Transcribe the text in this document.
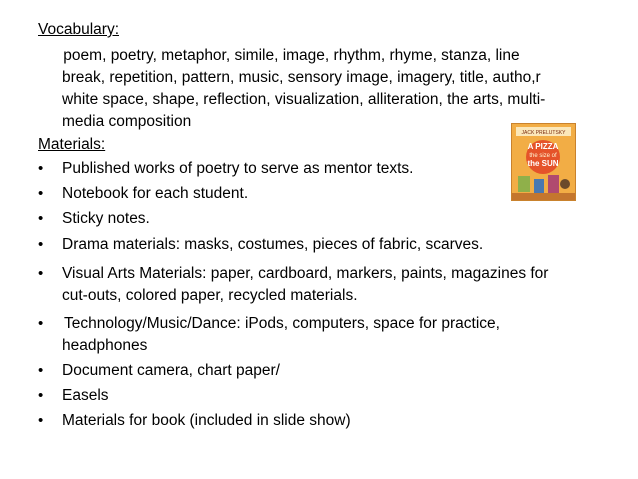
Vocabulary:
poem, poetry, metaphor, simile, image, rhythm, rhyme, stanza, line
break, repetition, pattern, music, sensory image, imagery, title, autho,r
white space, shape, reflection, visualization, alliteration, the arts, multi-
media composition
Materials:
• Published works of poetry to serve as mentor texts.
• Notebook for each student.
• Sticky notes.
• Drama materials: masks, costumes, pieces of fabric, scarves.
• Visual Arts Materials: paper, cardboard, markers, paints, magazines for
cut-outs, colored paper, recycled materials.
• Technology/Music/Dance: iPods, computers, space for practice,
headphones
• Document camera, chart paper/
• Easels
• Materials for book (included in slide show)
JACK PRELUTSKY
A PIZZA
the size of
the SUN
